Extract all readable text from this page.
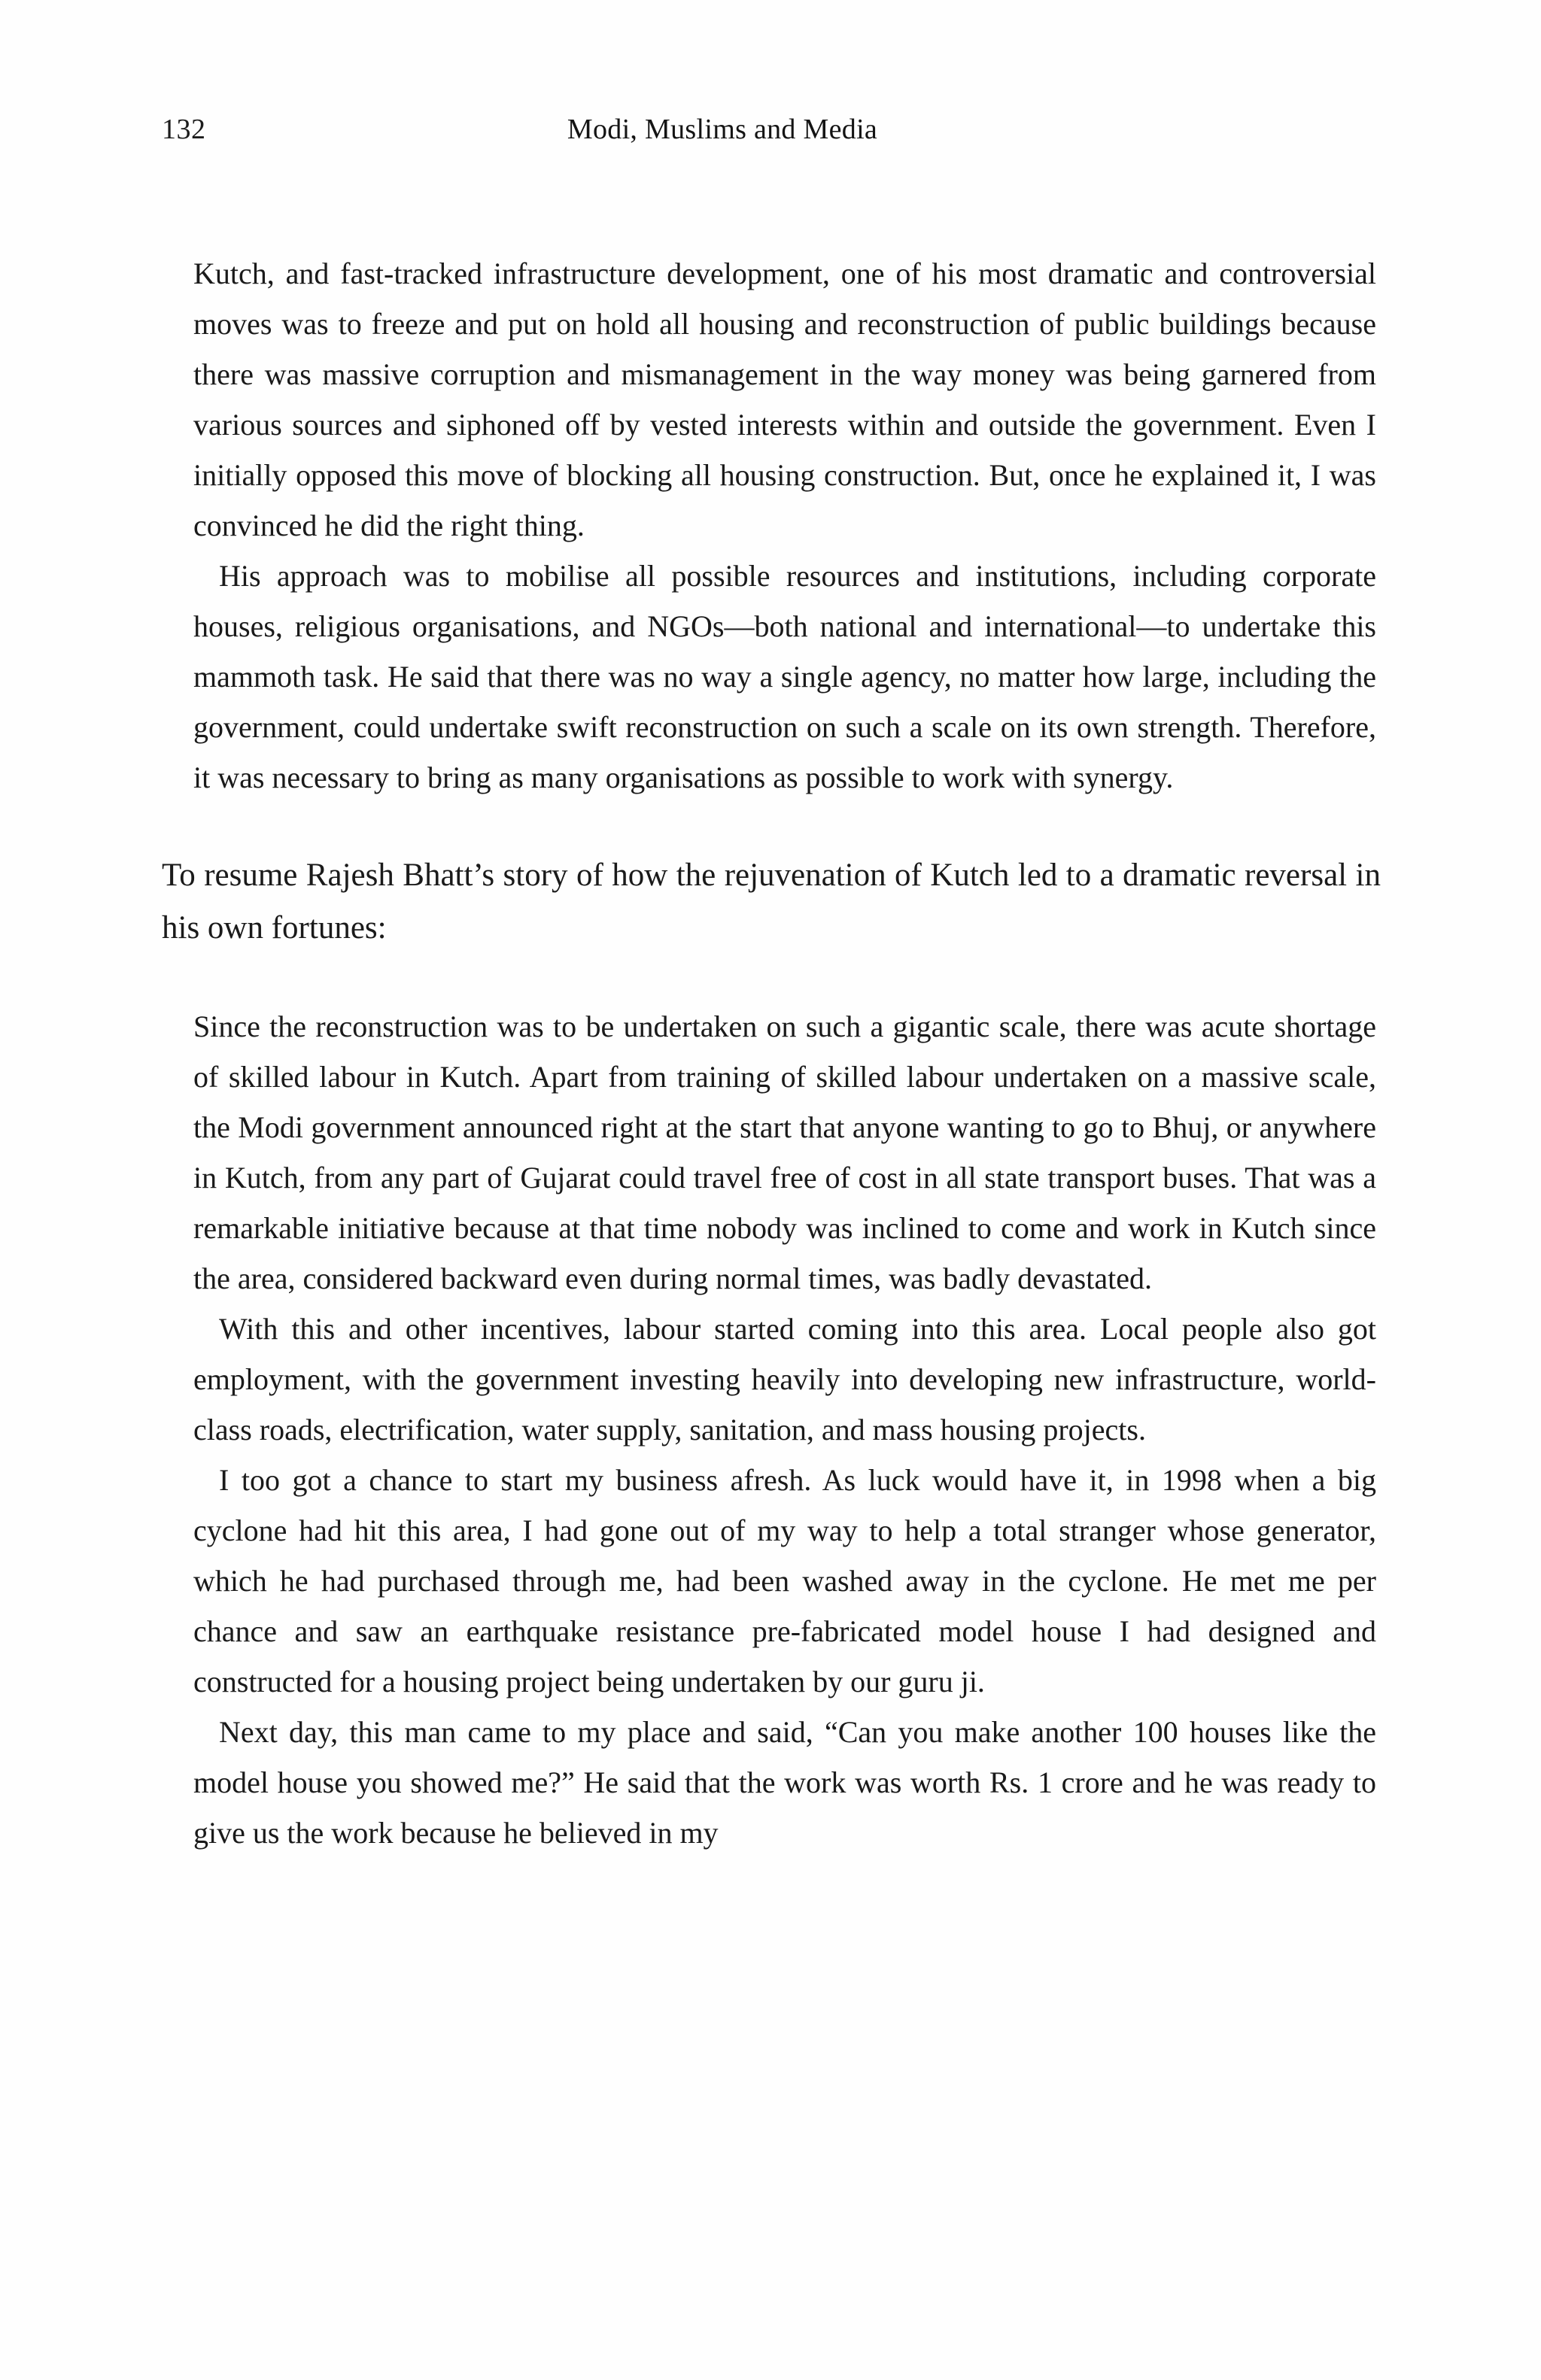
132	Modi, Muslims and Media

Kutch, and fast-tracked infrastructure development, one of his most dramatic and controversial moves was to freeze and put on hold all housing and reconstruction of public buildings because there was massive corruption and mismanagement in the way money was being garnered from various sources and siphoned off by vested interests within and outside the government. Even I initially opposed this move of blocking all housing construction. But, once he explained it, I was convinced he did the right thing.

His approach was to mobilise all possible resources and institutions, including corporate houses, religious organisations, and NGOs—both national and international—to undertake this mammoth task. He said that there was no way a single agency, no matter how large, including the government, could undertake swift reconstruction on such a scale on its own strength. Therefore, it was necessary to bring as many organisations as possible to work with synergy.

To resume Rajesh Bhatt’s story of how the rejuvenation of Kutch led to a dramatic reversal in his own fortunes:

Since the reconstruction was to be undertaken on such a gigantic scale, there was acute shortage of skilled labour in Kutch. Apart from training of skilled labour undertaken on a massive scale, the Modi government announced right at the start that anyone wanting to go to Bhuj, or anywhere in Kutch, from any part of Gujarat could travel free of cost in all state transport buses. That was a remarkable initiative because at that time nobody was inclined to come and work in Kutch since the area, considered backward even during normal times, was badly devastated.

With this and other incentives, labour started coming into this area. Local people also got employment, with the government investing heavily into developing new infrastructure, world-class roads, electrification, water supply, sanitation, and mass housing projects.

I too got a chance to start my business afresh. As luck would have it, in 1998 when a big cyclone had hit this area, I had gone out of my way to help a total stranger whose generator, which he had purchased through me, had been washed away in the cyclone. He met me per chance and saw an earthquake resistance pre-fabricated model house I had designed and constructed for a housing project being undertaken by our guru ji.

Next day, this man came to my place and said, “Can you make another 100 houses like the model house you showed me?” He said that the work was worth Rs. 1 crore and he was ready to give us the work because he believed in my
